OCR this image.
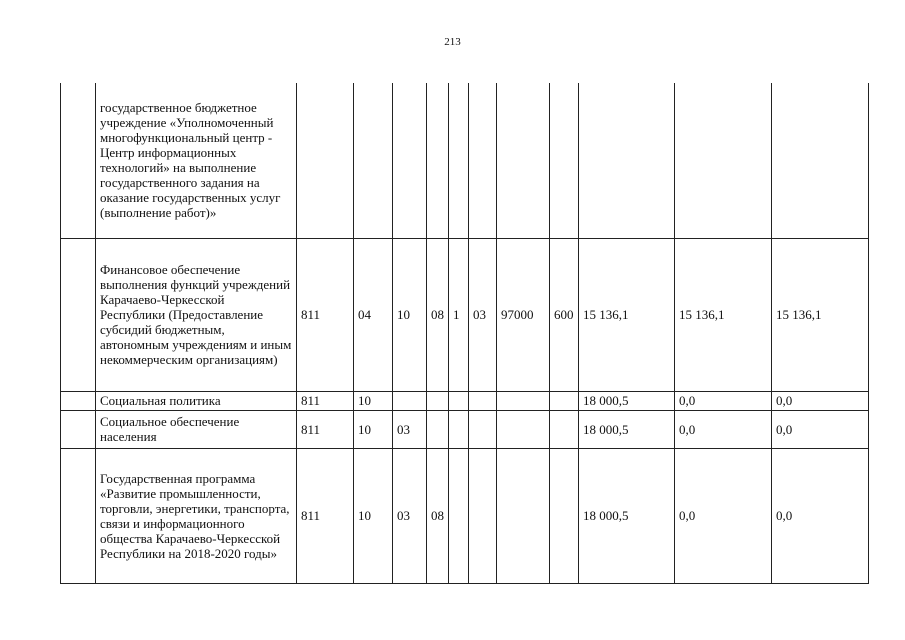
213
	государственное бюджетное учреждение «Уполномоченный многофункциональный центр - Центр информационных технологий» на выполнение государственного задания на оказание государственных услуг (выполнение работ)»											
	Финансовое обеспечение выполнения функций учреждений Карачаево-Черкесской Республики (Предоставление субсидий бюджетным, автономным учреждениям и иным некоммерческим организациям)	811	04	10	08	1	03	97000	600	15 136,1	15 136,1	15 136,1
	Социальная политика	811	10							18 000,5	0,0	0,0
	Социальное обеспечение населения	811	10	03						18 000,5	0,0	0,0
	Государственная программа «Развитие промышленности, торговли, энергетики, транспорта, связи и информационного общества Карачаево-Черкесской Республики на 2018-2020 годы»	811	10	03	08					18 000,5	0,0	0,0
